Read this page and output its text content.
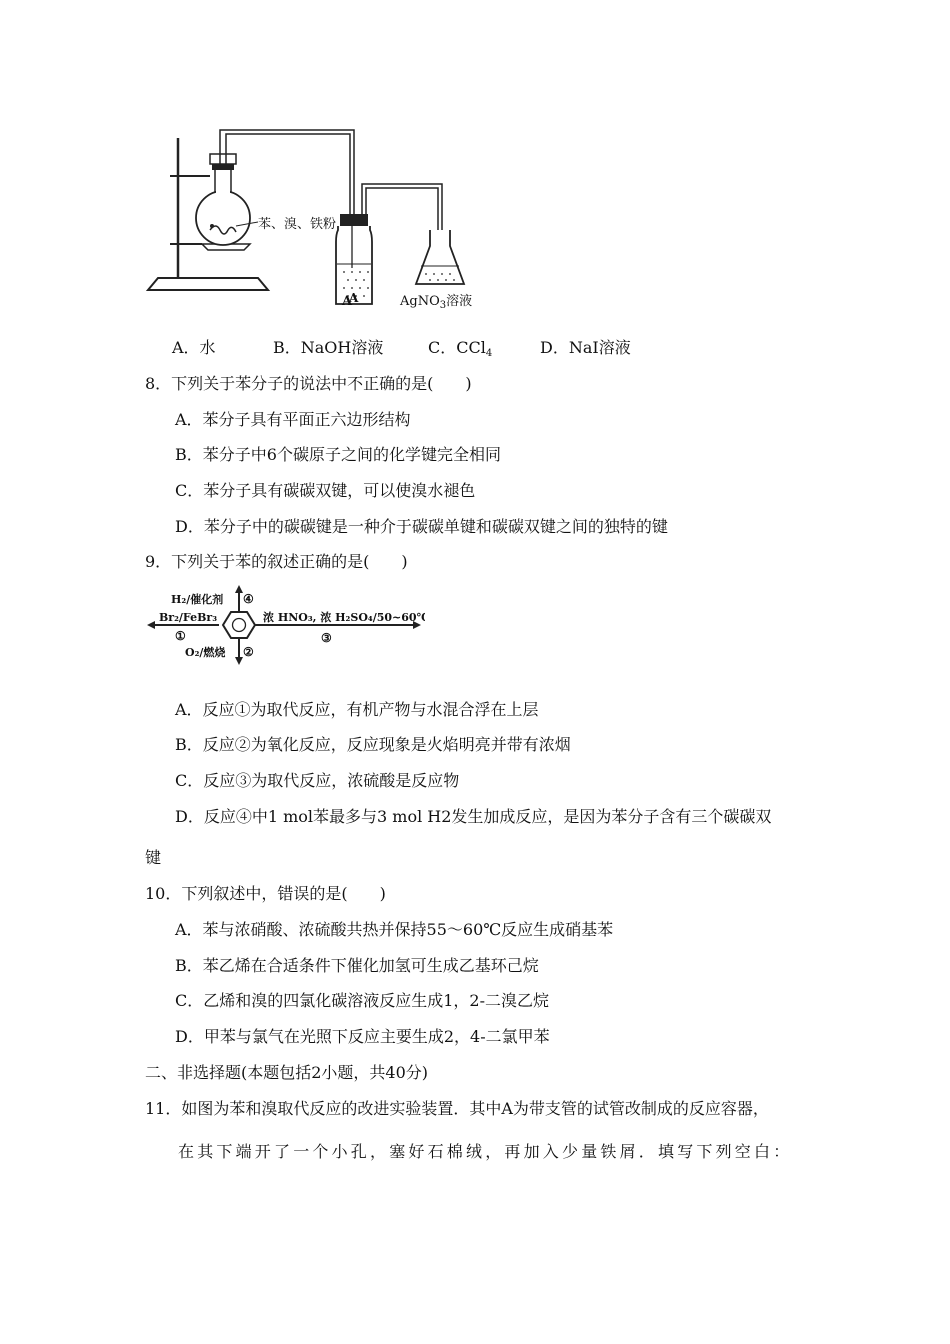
苯、溴、铁粉
A
A	AgNO$_3$溶液
A．水	B．NaOH溶液	C．CCl$_4$	D．NaI溶液
8．下列关于苯分子的说法中不正确的是(　　)
A．苯分子具有平面正六边形结构
B．苯分子中6个碳原子之间的化学键完全相同
C．苯分子具有碳碳双键，可以使溴水褪色
D．苯分子中的碳碳键是一种介于碳碳单键和碳碳双键之间的独特的键
9．下列关于苯的叙述正确的是(　　)
H₂/催化剂 ④
Br₂/FeBr₃
①
O₂/燃烧 ②
浓 HNO₃, 浓 H₂SO₄/50~60℃
③
A．反应①为取代反应，有机产物与水混合浮在上层
B．反应②为氧化反应，反应现象是火焰明亮并带有浓烟
C．反应③为取代反应，浓硫酸是反应物
D．反应④中1 mol苯最多与3 mol H2发生加成反应，是因为苯分子含有三个碳碳双
键
10．下列叙述中，错误的是(　　)
A．苯与浓硝酸、浓硫酸共热并保持55～60℃反应生成硝基苯
B．苯乙烯在合适条件下催化加氢可生成乙基环己烷
C．乙烯和溴的四氯化碳溶液反应生成1，2-二溴乙烷
D．甲苯与氯气在光照下反应主要生成2，4-二氯甲苯
二、非选择题(本题包括2小题，共40分)
11．如图为苯和溴取代反应的改进实验装置．其中A为带支管的试管改制成的反应容器，
在其下端开了一个小孔，塞好石棉绒，再加入少量铁屑．填写下列空白：
